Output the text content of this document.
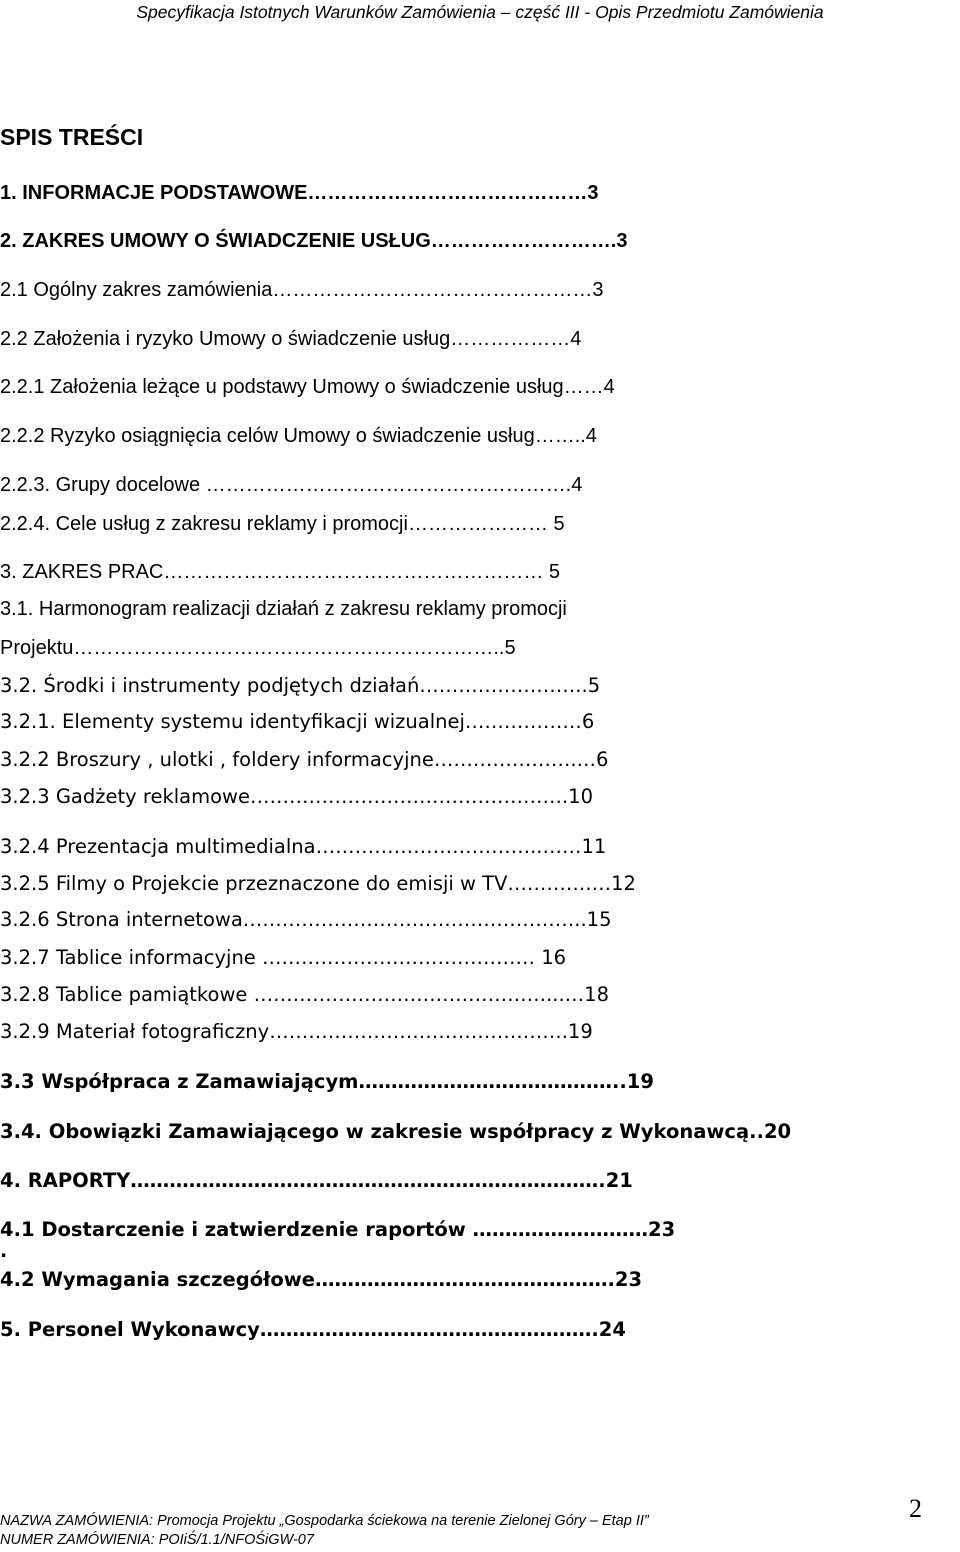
Specyfikacja Istotnych Warunków Zamówienia – część III - Opis Przedmiotu Zamówienia
SPIS TREŚCI
1. INFORMACJE PODSTAWOWE……………………………………3
2. ZAKRES UMOWY O ŚWIADCZENIE USŁUG……………………….3
2.1 Ogólny zakres zamówienia…………………………………………3
2.2 Założenia i ryzyko Umowy o świadczenie usług………………4
2.2.1 Założenia leżące u podstawy Umowy o świadczenie usług……4
2.2.2 Ryzyko osiągnięcia celów Umowy o świadczenie usług……..4
2.2.3. Grupy docelowe ……………………………………………….4
2.2.4. Cele usług z zakresu reklamy i promocji………………… 5
3. ZAKRES PRAC………………………………………………… 5
3.1. Harmonogram realizacji działań z zakresu reklamy promocji
Projektu………………………………………………………..5
3.2. Środki i instrumenty podjętych działań……………………..5
3.2.1. Elementy systemu identyfikacji wizualnej………………6
3.2.2 Broszury , ulotki , foldery informacyjne………………….…6
3.2.3 Gadżety reklamowe………………………………………….10
3.2.4 Prezentacja multimedialna……………………………..……11
3.2.5 Filmy o Projekcie przeznaczone do emisji w TV………….…12
3.2.6 Strona internetowa……………………………………………..15
3.2.7 Tablice informacyjne …………………………………… 16
3.2.8 Tablice pamiątkowe ………………………………………...…18
3.2.9 Materiał fotograficzny……………………………………….19
3.3 Współpraca z Zamawiającym…………………………………..19
3.4. Obowiązki Zamawiającego w zakresie współpracy z Wykonawcą..20
4. RAPORTY……………………………………………………………….21
4.1 Dostarczenie i zatwierdzenie raportów ………………………23
.
4.2 Wymagania szczegółowe……………………………………….23
5. Personel Wykonawcy…………………………………………….24
NAZWA ZAMÓWIENIA: Promocja Projektu „Gospodarka ściekowa na terenie Zielonej Góry – Etap II”
NUMER ZAMÓWIENIA: POIiŚ/1.1/NFOŚiGW-07
2
